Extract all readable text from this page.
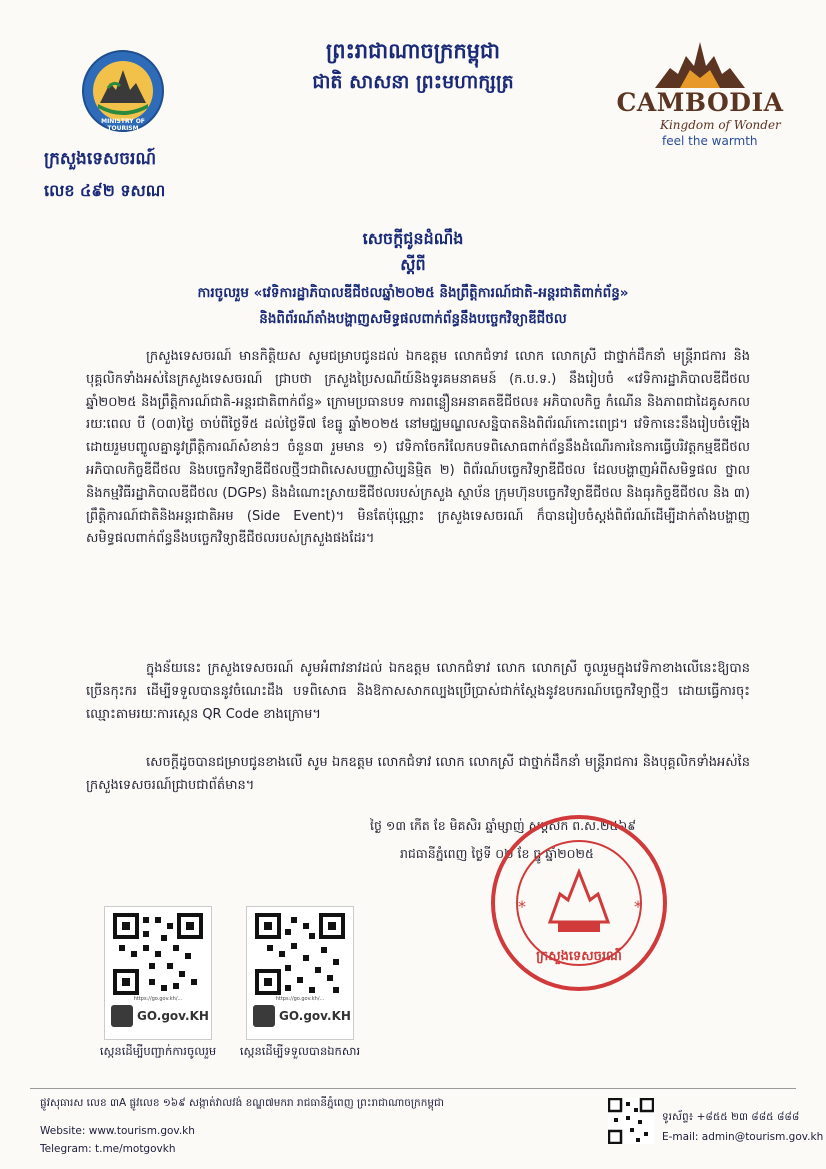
MINISTRY OF TOURISM
CAMBODIA
Kingdom of Wonder
feel the warmth
ព្រះរាជាណាចក្រកម្ពុជា
ជាតិ សាសនា ព្រះមហាក្សត្រ
ក្រសួងទេសចរណ៍
លេខ ៤៩២ ទសណ
សេចក្ដីជូនដំណឹង
ស្ដីពី
ការចូលរួម «វេទិការដ្ឋាភិបាលឌីជីថលឆ្នាំ២០២៥ និងព្រឹត្តិការណ៍ជាតិ-អន្តរជាតិពាក់ព័ន្ធ»
និងពិព័រណ៍តាំងបង្ហាញសមិទ្ធផលពាក់ព័ន្ធនឹងបច្ចេកវិទ្យាឌីជីថល
ក្រសួងទេសចរណ៍ មានកិត្តិយស សូមជម្រាបជូនដល់ ឯកឧត្តម លោកជំទាវ លោក លោកស្រី ជាថ្នាក់ដឹកនាំ មន្ត្រីរាជការ និងបុគ្គលិកទាំងអស់នៃក្រសួងទេសចរណ៍ ជ្រាបថា ក្រសួងប្រៃសណីយ៍និងទូរគមនាគមន៍ (ក.ប.ទ.) នឹងរៀបចំ «វេទិការដ្ឋាភិបាលឌីជីថលឆ្នាំ២០២៥ និងព្រឹត្តិការណ៍ជាតិ-អន្តរជាតិពាក់ព័ន្ធ» ក្រោមប្រធានបទ ការពន្លឿនអនាគតឌីជីថល៖ អភិបាលកិច្ច កំណើន និងភាពជាដៃគូសកល រយៈពេល បី (០៣)ថ្ងៃ ចាប់ពីថ្ងៃទី៥ ដល់ថ្ងៃទី៧ ខែធ្នូ ឆ្នាំ២០២៥ នៅមជ្ឈមណ្ឌលសន្និបាតនិងពិព័រណ៍កោះពេជ្រ។ វេទិកានេះនឹងរៀបចំឡើងដោយរួមបញ្ចូលគ្នានូវព្រឹត្តិការណ៍សំខាន់ៗ ចំនួន៣ រួមមាន ១) វេទិកាចែករំលែកបទពិសោធពាក់ព័ន្ធនឹងដំណើរការនៃការធ្វើបរិវត្តកម្មឌីជីថល អភិបាលកិច្ចឌីជីថល និងបច្ចេកវិទ្យាឌីជីថលថ្មីៗជាពិសេសបញ្ញាសិប្បនិម្មិត ២) ពិព័រណ៍បច្ចេកវិទ្យាឌីជីថល ដែលបង្ហាញអំពីសមិទ្ធផល ថ្នាល និងកម្មវិធីរដ្ឋាភិបាលឌីជីថល (DGPs) និងដំណោះស្រាយឌីជីថលរបស់ក្រសួង ស្ថាប័ន ក្រុមហ៊ុនបច្ចេកវិទ្យាឌីជីថល និងធុរកិច្ចឌីជីថល និង ៣) ព្រឹត្តិការណ៍ជាតិនិងអន្តរជាតិអម (Side Event)។ មិនតែប៉ុណ្ណោះ ក្រសួងទេសចរណ៍ ក៏បានរៀបចំស្តង់ពិព័រណ៍ដើម្បីដាក់តាំងបង្ហាញសមិទ្ធផលពាក់ព័ន្ធនឹងបច្ចេកវិទ្យាឌីជីថលរបស់ក្រសួងផងដែរ។
ក្នុងន័យនេះ ក្រសួងទេសចរណ៍ សូមអំពាវនាវដល់ ឯកឧត្តម លោកជំទាវ លោក លោកស្រី ចូលរួមក្នុងវេទិកាខាងលើនេះឱ្យបានច្រើនកុះករ ដើម្បីទទួលបាននូវចំណេះដឹង បទពិសោធ និងឱកាសសាកល្បងប្រើប្រាស់ជាក់ស្តែងនូវឧបករណ៍បច្ចេកវិទ្យាថ្មីៗ ដោយធ្វើការចុះឈ្មោះតាមរយៈការស្កេន QR Code ខាងក្រោម។
សេចក្ដីដូចបានជម្រាបជូនខាងលើ សូម ឯកឧត្តម លោកជំទាវ លោក លោកស្រី ជាថ្នាក់ដឹកនាំ មន្ត្រីរាជការ និងបុគ្គលិកទាំងអស់នៃក្រសួងទេសចរណ៍ជ្រាបជាព័ត៌មាន។
ថ្ងៃ ១៣ កើត ខែ មិគសិរ ឆ្នាំម្សាញ់ សប្តស័ក ព.ស.២៥៦៩
រាជធានីភ្នំពេញ ថ្ងៃទី ០២ ខែ ធ្នូ ឆ្នាំ២០២៥
*	*
ក្រសួងទេសចរណ៍
https://go.gov.kh/...
GO.gov.KH
ស្កេនដើម្បីបញ្ជាក់ការចូលរួម
https://go.gov.kh/...
GO.gov.KH
ស្កេនដើម្បីទទួលបានឯកសារ
ផ្លូវសុធារស លេខ ៣A ផ្លូវលេខ ១៦៩ សង្កាត់វាលវង់ ខណ្ឌ៧មករា រាជធានីភ្នំពេញ ព្រះរាជាណាចក្រកម្ពុជា
Website: www.tourism.gov.kh
Telegram: t.me/motgovkh
ទូរស័ព្ទ៖ +៨៥៥ ២៣ ៨៨៥ ៨៨៨
E-mail: admin@tourism.gov.kh
